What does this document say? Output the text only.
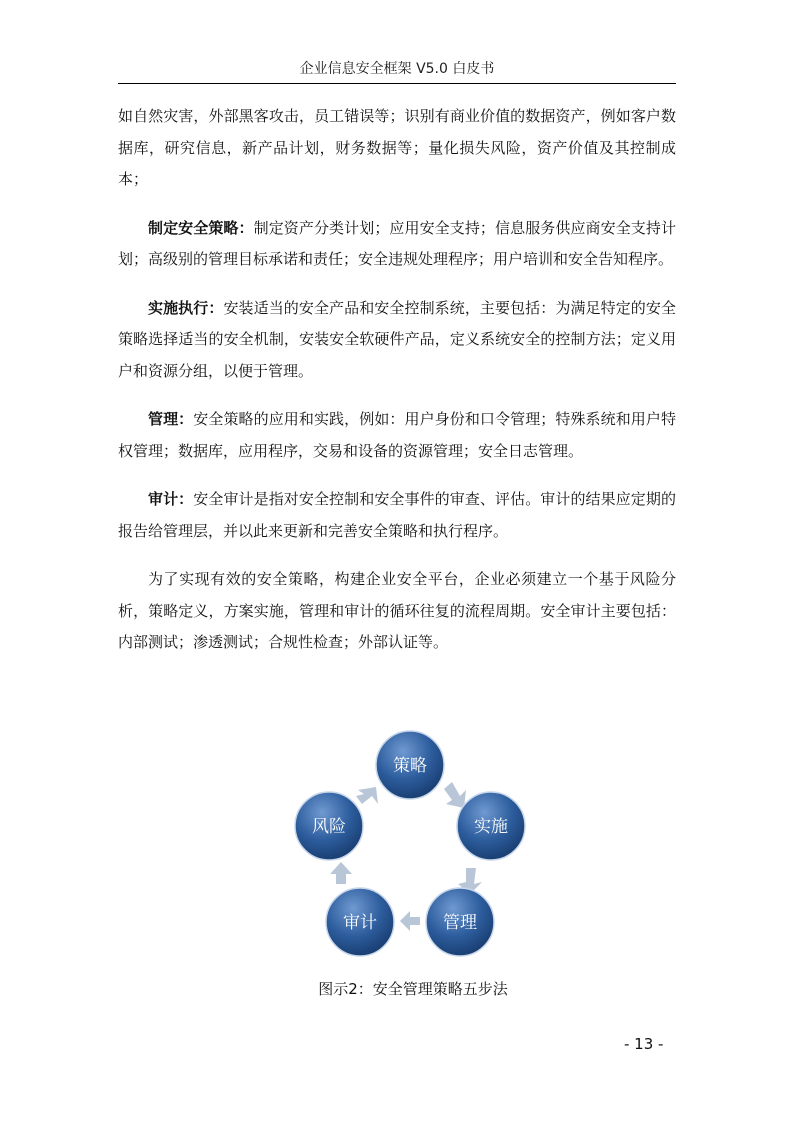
企业信息安全框架 V5.0 白皮书

如自然灾害，外部黑客攻击，员工错误等；识别有商业价值的数据资产，例如客户数据库，研究信息，新产品计划，财务数据等；量化损失风险，资产价值及其控制成本；

制定安全策略：制定资产分类计划；应用安全支持；信息服务供应商安全支持计划；高级别的管理目标承诺和责任；安全违规处理程序；用户培训和安全告知程序。

实施执行：安装适当的安全产品和安全控制系统，主要包括：为满足特定的安全策略选择适当的安全机制，安装安全软硬件产品，定义系统安全的控制方法；定义用户和资源分组，以便于管理。

管理：安全策略的应用和实践，例如：用户身份和口令管理；特殊系统和用户特权管理；数据库，应用程序，交易和设备的资源管理；安全日志管理。

审计：安全审计是指对安全控制和安全事件的审查、评估。审计的结果应定期的报告给管理层，并以此来更新和完善安全策略和执行程序。

为了实现有效的安全策略，构建企业安全平台，企业必须建立一个基于风险分析，策略定义，方案实施，管理和审计的循环往复的流程周期。安全审计主要包括：内部测试；渗透测试；合规性检查；外部认证等。

策略
实施
管理
审计
风险
图示2：安全管理策略五步法
- 13 -
